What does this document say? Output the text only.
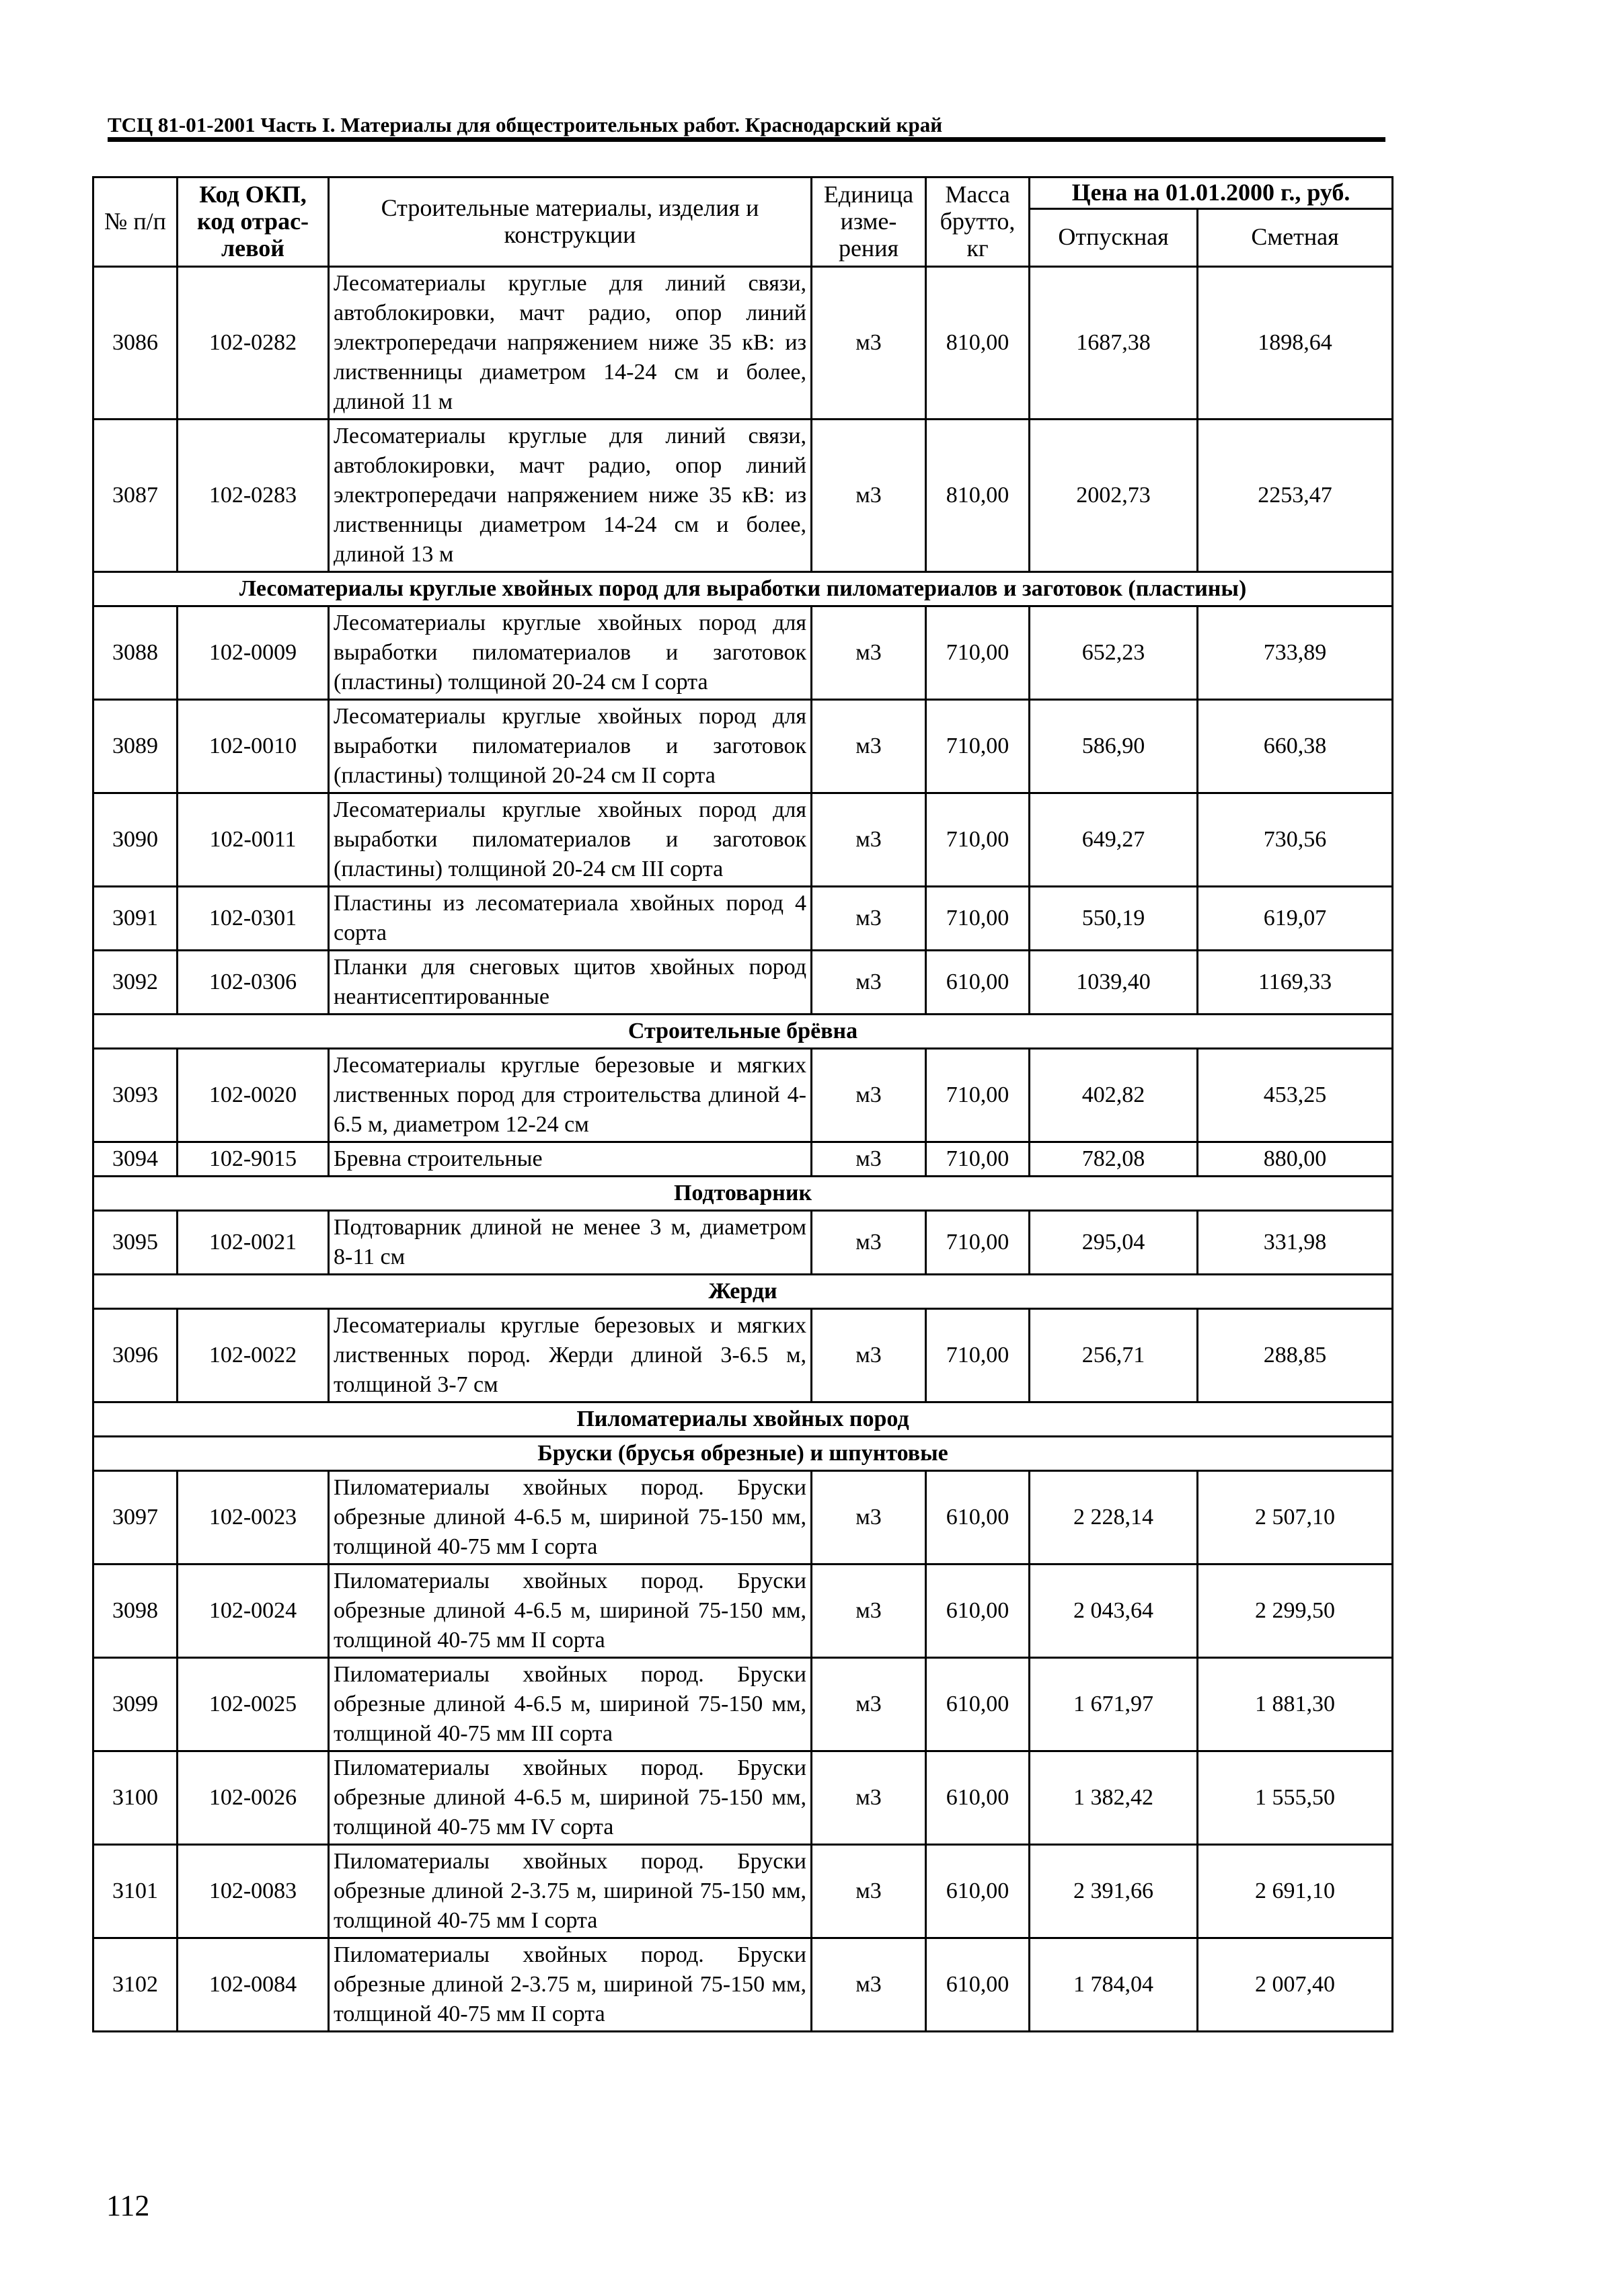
ТСЦ 81-01-2001 Часть I. Материалы для общестроительных работ. Краснодарский край
№ п/п	Код ОКП, код отрас-левой	Строительные материалы, изделия и конструкции	Единица изме-рения	Масса брутто, кг	Цена на 01.01.2000 г., руб.	
					Отпускная	Сметная
3086	102-0282	Лесоматериалы круглые для линий связи, автоблокировки, мачт радио, опор линий электропередачи напряжением ниже 35 кВ: из лиственницы диаметром 14-24 см и более, длиной 11 м	м3	810,00	1687,38	1898,64
3087	102-0283	Лесоматериалы круглые для линий связи, автоблокировки, мачт радио, опор линий электропередачи напряжением ниже 35 кВ: из лиственницы диаметром 14-24 см и более, длиной 13 м	м3	810,00	2002,73	2253,47
Лесоматериалы круглые хвойных пород для выработки пиломатериалов и заготовок (пластины)						
3088	102-0009	Лесоматериалы круглые хвойных пород для выработки пиломатериалов и заготовок (пластины) толщиной 20-24 см I сорта	м3	710,00	652,23	733,89
3089	102-0010	Лесоматериалы круглые хвойных пород для выработки пиломатериалов и заготовок (пластины) толщиной 20-24 см II сорта	м3	710,00	586,90	660,38
3090	102-0011	Лесоматериалы круглые хвойных пород для выработки пиломатериалов и заготовок (пластины) толщиной 20-24 см III сорта	м3	710,00	649,27	730,56
3091	102-0301	Пластины из лесоматериала хвойных пород 4 сорта	м3	710,00	550,19	619,07
3092	102-0306	Планки для снеговых щитов хвойных пород неантисептированные	м3	610,00	1039,40	1169,33
Строительные брёвна						
3093	102-0020	Лесоматериалы круглые березовые и мягких лиственных пород для строительства длиной 4-6.5 м, диаметром 12-24 см	м3	710,00	402,82	453,25
3094	102-9015	Бревна строительные	м3	710,00	782,08	880,00
Подтоварник						
3095	102-0021	Подтоварник длиной не менее 3 м, диаметром 8-11 см	м3	710,00	295,04	331,98
Жерди						
3096	102-0022	Лесоматериалы круглые березовых и мягких лиственных пород. Жерди длиной 3-6.5 м, толщиной 3-7 см	м3	710,00	256,71	288,85
Пиломатериалы хвойных пород						
Бруски (брусья обрезные) и шпунтовые						
3097	102-0023	Пиломатериалы хвойных пород. Бруски обрезные длиной 4-6.5 м, шириной 75-150 мм, толщиной 40-75 мм I сорта	м3	610,00	2 228,14	2 507,10
3098	102-0024	Пиломатериалы хвойных пород. Бруски обрезные длиной 4-6.5 м, шириной 75-150 мм, толщиной 40-75 мм II сорта	м3	610,00	2 043,64	2 299,50
3099	102-0025	Пиломатериалы хвойных пород. Бруски обрезные длиной 4-6.5 м, шириной 75-150 мм, толщиной 40-75 мм III сорта	м3	610,00	1 671,97	1 881,30
3100	102-0026	Пиломатериалы хвойных пород. Бруски обрезные длиной 4-6.5 м, шириной 75-150 мм, толщиной 40-75 мм IV сорта	м3	610,00	1 382,42	1 555,50
3101	102-0083	Пиломатериалы хвойных пород. Бруски обрезные длиной 2-3.75 м, шириной 75-150 мм, толщиной 40-75 мм I сорта	м3	610,00	2 391,66	2 691,10
3102	102-0084	Пиломатериалы хвойных пород. Бруски обрезные длиной 2-3.75 м, шириной 75-150 мм, толщиной 40-75 мм II сорта	м3	610,00	1 784,04	2 007,40
112
